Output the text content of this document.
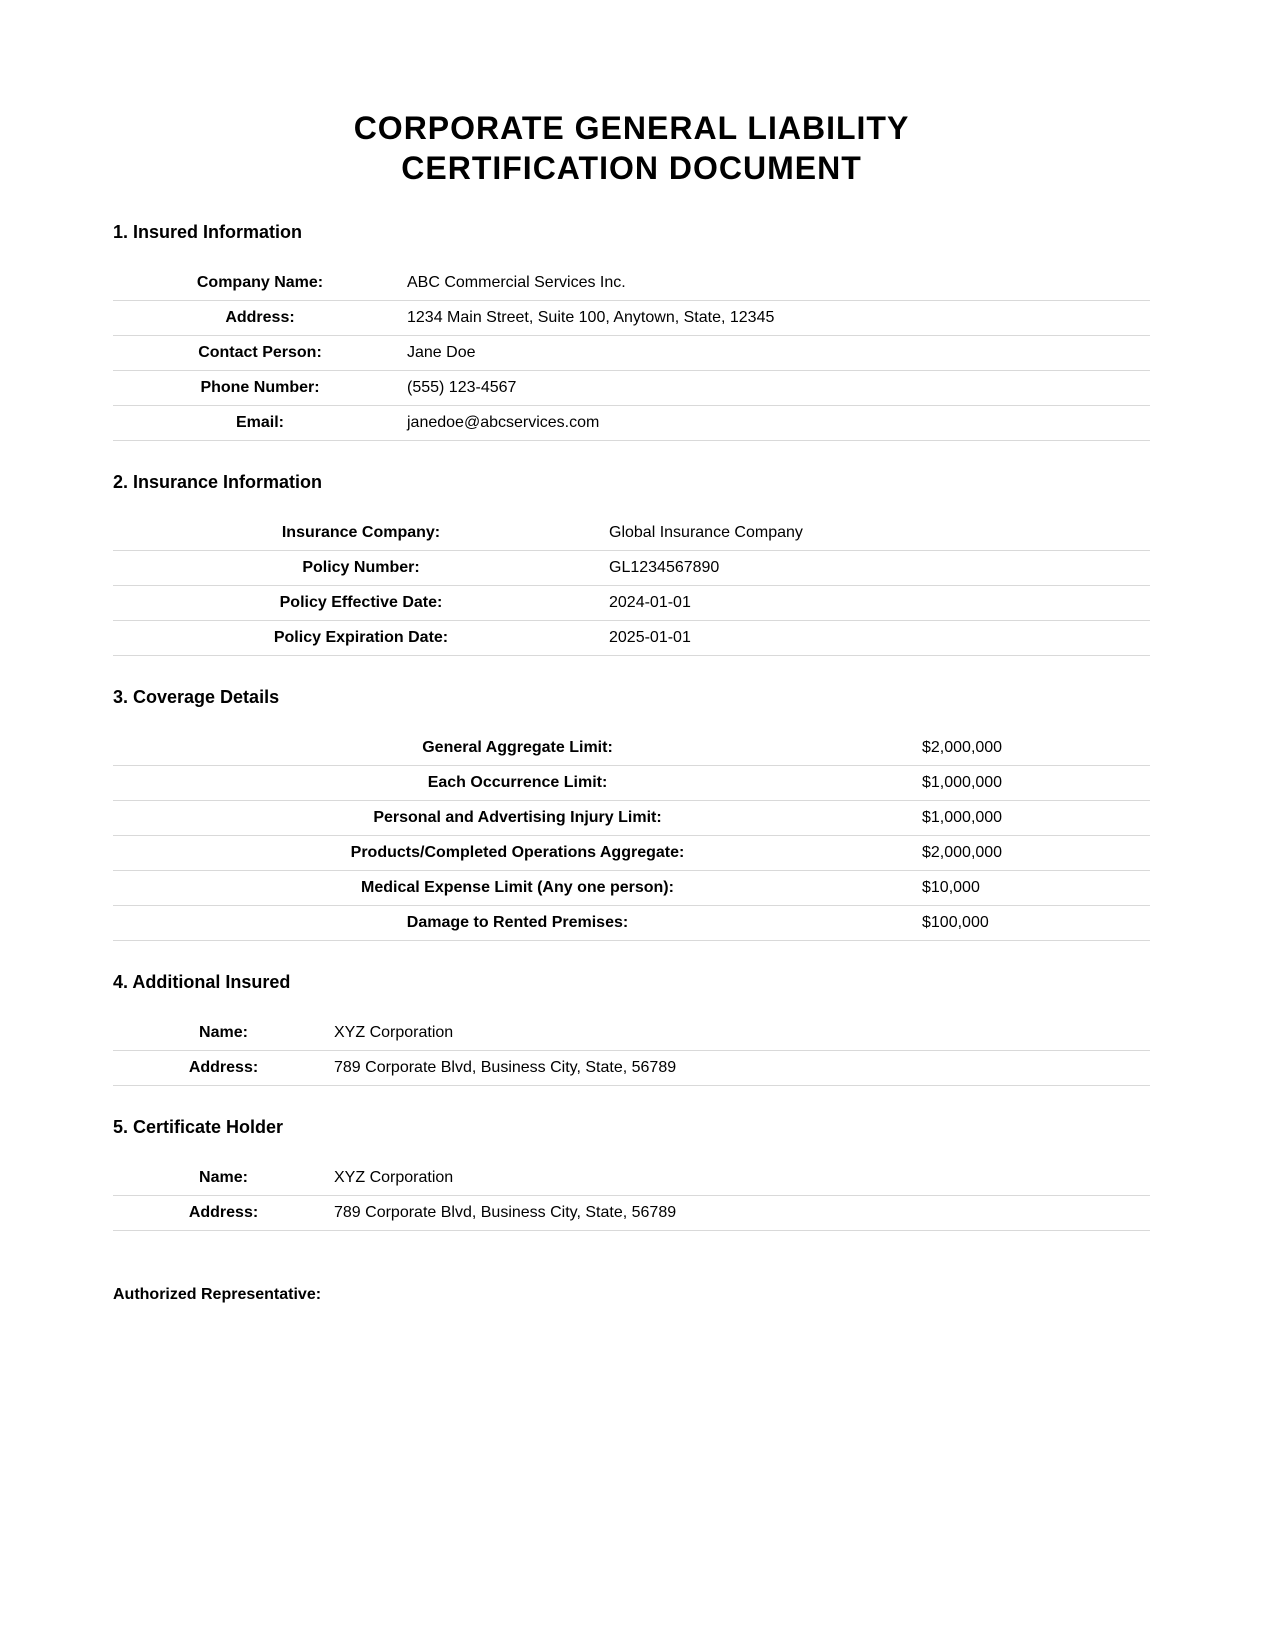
CORPORATE GENERAL LIABILITY
CERTIFICATION DOCUMENT
1. Insured Information
Company Name:	ABC Commercial Services Inc.
Address:	1234 Main Street, Suite 100, Anytown, State, 12345
Contact Person:	Jane Doe
Phone Number:	(555) 123-4567
Email:	janedoe@abcservices.com
2. Insurance Information
Insurance Company:	Global Insurance Company
Policy Number:	GL1234567890
Policy Effective Date:	2024-01-01
Policy Expiration Date:	2025-01-01
3. Coverage Details
General Aggregate Limit:	$2,000,000
Each Occurrence Limit:	$1,000,000
Personal and Advertising Injury Limit:	$1,000,000
Products/Completed Operations Aggregate:	$2,000,000
Medical Expense Limit (Any one person):	$10,000
Damage to Rented Premises:	$100,000
4. Additional Insured
Name:	XYZ Corporation
Address:	789 Corporate Blvd, Business City, State, 56789
5. Certificate Holder
Name:	XYZ Corporation
Address:	789 Corporate Blvd, Business City, State, 56789

Authorized Representative:
